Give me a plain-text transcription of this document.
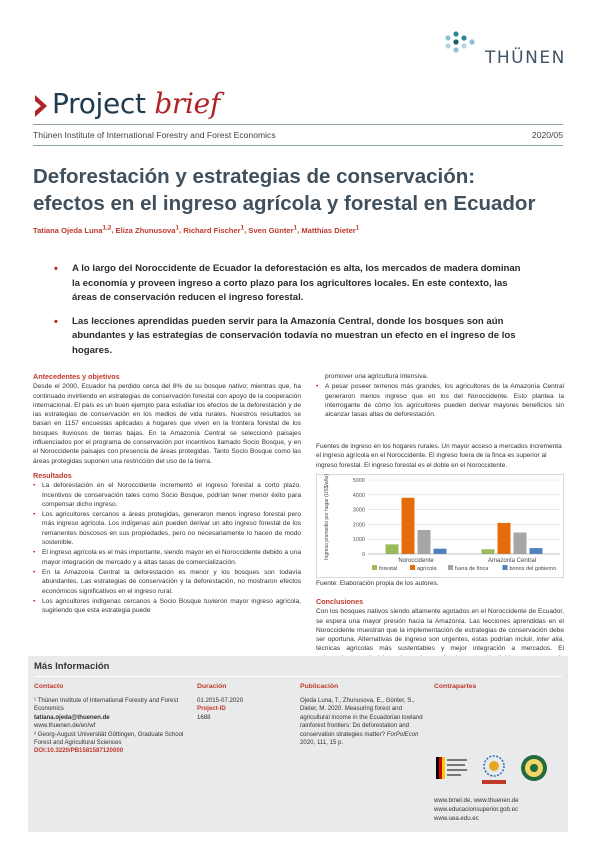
THÜNEN
Project brief
Thünen Institute of International Forestry and Forest Economics	2020/05
Deforestación y estrategias de conservación:
efectos en el ingreso agrícola y forestal en Ecuador
Tatiana Ojeda Luna$^{1,2}$, Eliza Zhunusova$^1$, Richard Fischer$^1$, Sven Günter$^1$, Matthias Dieter$^1$
• A lo largo del Noroccidente de Ecuador la deforestación es alta, los mercados de madera dominan la economía y proveen ingreso a corto plazo para los agricultores locales. En este contexto, las áreas de conservación reducen el ingreso forestal.
• Las lecciones aprendidas pueden servir para la Amazonía Central, donde los bosques son aún abundantes y las estrategias de conservación todavía no muestran un efecto en el ingreso de los hogares.
Antecedentes y objetivos
Desde el 2000, Ecuador ha perdido cerca del 8% de su bosque nativo; mientras que, ha continuado invirtiendo en estrategias de conservación forestal con apoyo de la cooperación internacional. El país es un buen ejemplo para estudiar los efectos de la deforestación y de las estrategias de conservación en los medios de vida rurales. Nuestros resultados se basan en 1157 encuestas aplicadas a hogares que viven en la frontera forestal de los bosques lluviosos de tierras bajas. En la Amazonía Central se seleccionó paisajes influenciados por el programa de conservación por incentivos llamado Socio Bosque, y en el Noroccidente paisajes con presencia de áreas protegidas. Tanto Socio Bosque como las áreas protegidas suponen una restricción del uso de la tierra.
Resultados
• La deforestación en el Noroccidente incrementó el ingreso forestal a corto plazo. Incentivos de conservación tales como Socio Bosque, podrían tener menor éxito para compensar dicho ingreso.
• Los agricultores cercanos a áreas protegidas, generaron menos ingreso forestal pero más ingreso agrícola. Los indígenas aún pueden derivar un alto ingreso forestal de los remanentes boscosos en sus propiedades, pero no necesariamente lo hacen de modo sostenible.
• El ingreso agrícola es el más importante, siendo mayor en el Noroccidente debido a una mayor integración de mercado y a altas tasas de comercialización.
• En la Amazonía Central la deforestación es menor y los bosques son todavía abundantes. Las estrategias de conservación y la deforestación, no mostraron efectos económicos significativos en el ingreso rural.
• Los agricultores indígenas cercanos a Socio Bosque tuvieron mayor ingreso agrícola, sugiriendo que esta estrategia puede
promover una agricultura intensiva.
• A pesar poseer terrenos más grandes, los agricultores de la Amazonía Central generaron menos ingreso que en los del Noroccidente. Esto plantea la interrogante de cómo los agricultores pueden derivar mayores beneficios sin alcanzar tasas altas de deforestación.
Fuentes de ingreso en los hogares rurales. Un mayor acceso a mercados incrementa el ingreso agrícola en el Noroccidente. El ingreso fuera de la finca es superior al ingreso forestal. El ingreso forestal es el doble en el Noroccidente.
0
1000
2000
3000
4000
5000
Ingreso promedio por hogar (US$/año)
Noroccidente	Amazonía Central
forestal	agrícola	fuera de finca	bonos del gobierno
Fuente: Elaboración propia de los autores.
Conclusiones
Con los bosques nativos siendo altamente agotados en el Noroccidente de Ecuador, se espera una mayor presión hacia la Amazonía. Las lecciones aprendidas en el Noroccidente muestran que la implementación de estrategias de conservación debe ser oportuna. Alternativas de ingreso son urgentes, estas podrían incluir, inter alia, técnicas agrícolas más sustentables y mejor integración a mercados. El
Más Información
Contacto
¹ Thünen Institute of International Forestry and Forest Economics
tatiana.ojeda@thuenen.de
www.thuenen.de/en/wf
² Georg-August Universität Göttingen, Graduate School Forest and Agricultural Sciences
DOI:10.3220/PB1581587120000
Duración
01.2015-07.2020
Project-ID
1688
Publicación
Ojeda Luna, T., Zhunusova, E., Günter, S., Dieter, M. 2020. Measuring forest and agricultural income in the Ecuadorian lowland rainforest frontiers: Do deforestation and conservation strategies matter? ForPolEcon 2020, 111, 15 p.
Contrapartes
www.bmel.de, www.thuenen.de
www.educacionsuperior.gob.ec
www.uea.edu.ec
